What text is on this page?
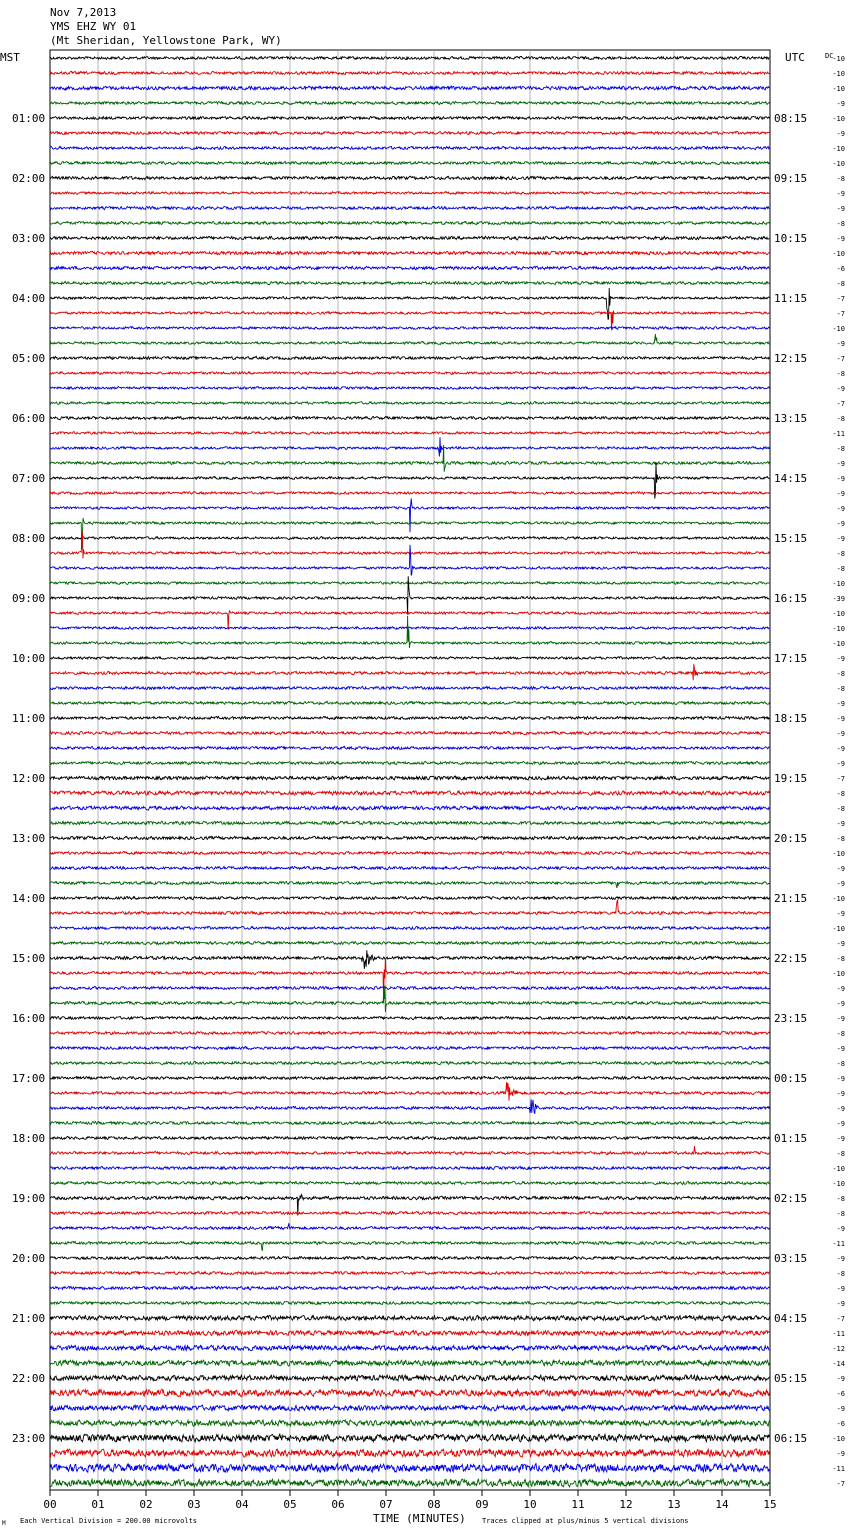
Nov 7,2013
YMS EHZ WY 01
(Mt Sheridan, Yellowstone Park, WY)
MST	UTC	DC
01:00
02:00
03:00
04:00
05:00
06:00
07:00
08:00
09:00
10:00
11:00
12:00
13:00
14:00
15:00
16:00
17:00
18:00
19:00
20:00
21:00
22:00
23:00
08:15
09:15
10:15
11:15
12:15
13:15
14:15
15:15
16:15
17:15
18:15
19:15
20:15
21:15
22:15
23:15
00:15
01:15
02:15
03:15
04:15
05:15
06:15
-10
-10
-10
-9
-10
-9
-10
-10
-8
-9
-9
-8
-9
-10
-6
-8
-7
-7
-10
-9
-7
-8
-9
-7
-8
-11
-8
-9
-9
-9
-9
-9
-9
-8
-8
-10
-39
-10
-10
-10
-9
-8
-8
-9
-9
-9
-9
-9
-7
-8
-8
-9
-8
-10
-9
-9
-10
-9
-10
-9
-8
-10
-9
-9
-9
-8
-9
-8
-9
-9
-9
-9
-9
-8
-10
-10
-8
-8
-9
-11
-9
-8
-9
-9
-7
-11
-12
-14
-9
-6
-9
-6
-10
-9
-11
-7
00	01	02	03	04	05	06	07	08	09	10	11	12	13	14	15
TIME (MINUTES)
Each Vertical Division = 200.00 microvolts	Traces clipped at plus/minus 5 vertical divisions
M
